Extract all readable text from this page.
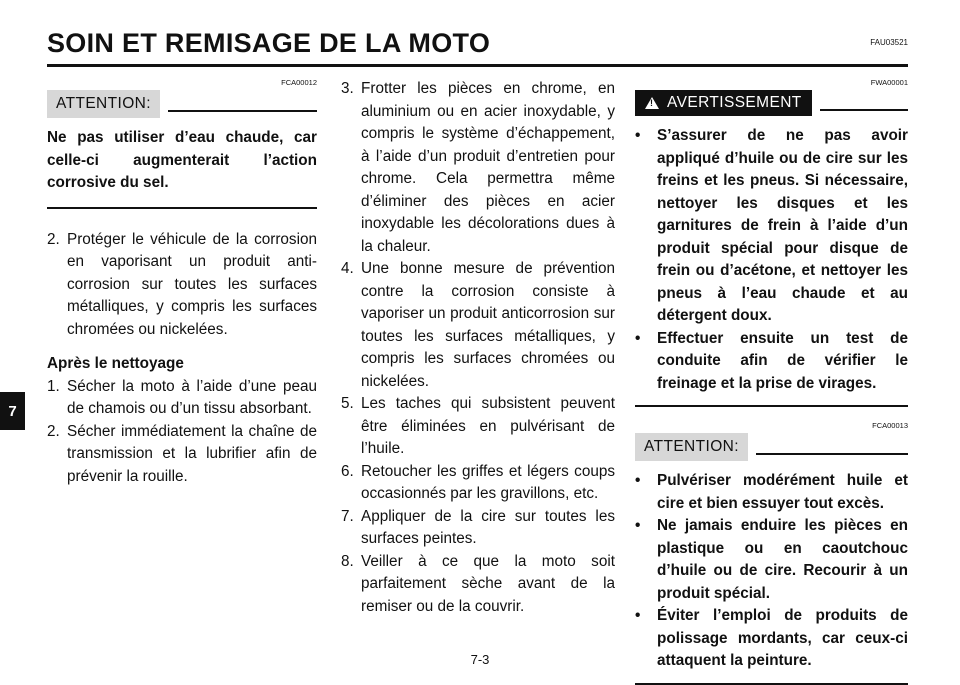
SOIN ET REMISAGE DE LA MOTO	FAU03521
7
FCA00012
ATTENTION:
Ne pas utiliser d’eau chaude, car celle-ci augmenterait l’action corrosive du sel.
2. Protéger le véhicule de la corrosion en vaporisant un produit anti-corrosion sur toutes les surfaces métalliques, y compris les surfaces chromées ou nickelées.
Après le nettoyage
1. Sécher la moto à l’aide d’une peau de chamois ou d’un tissu absorbant.
2. Sécher immédiatement la chaîne de transmission et la lubrifier afin de prévenir la rouille.
3. Frotter les pièces en chrome, en aluminium ou en acier inoxydable, y compris le système d’échappement, à l’aide d’un produit d’entretien pour chrome. Cela permettra même d’éliminer des pièces en acier inoxydable les décolorations dues à la chaleur.
4. Une bonne mesure de prévention contre la corrosion consiste à vaporiser un produit anticorrosion sur toutes les surfaces métalliques, y compris les surfaces chromées ou nickelées.
5. Les taches qui subsistent peuvent être éliminées en pulvérisant de l’huile.
6. Retoucher les griffes et légers coups occasionnés par les gravillons, etc.
7. Appliquer de la cire sur toutes les surfaces peintes.
8. Veiller à ce que la moto soit parfaitement sèche avant de la remiser ou de la couvrir.
FWA00001
! AVERTISSEMENT
•	S’assurer de ne pas avoir appliqué d’huile ou de cire sur les freins et les pneus. Si nécessaire, nettoyer les disques et les garnitures de frein à l’aide d’un produit spécial pour disque de frein ou d’acétone, et nettoyer les pneus à l’eau chaude et au détergent doux.
•	Effectuer ensuite un test de conduite afin de vérifier le freinage et la prise de virages.
FCA00013
ATTENTION:
•	Pulvériser modérément huile et cire et bien essuyer tout excès.
•	Ne jamais enduire les pièces en plastique ou en caoutchouc d’huile ou de cire. Recourir à un produit spécial.
•	Éviter l’emploi de produits de polissage mordants, car ceux-ci attaquent la peinture.
7-3
